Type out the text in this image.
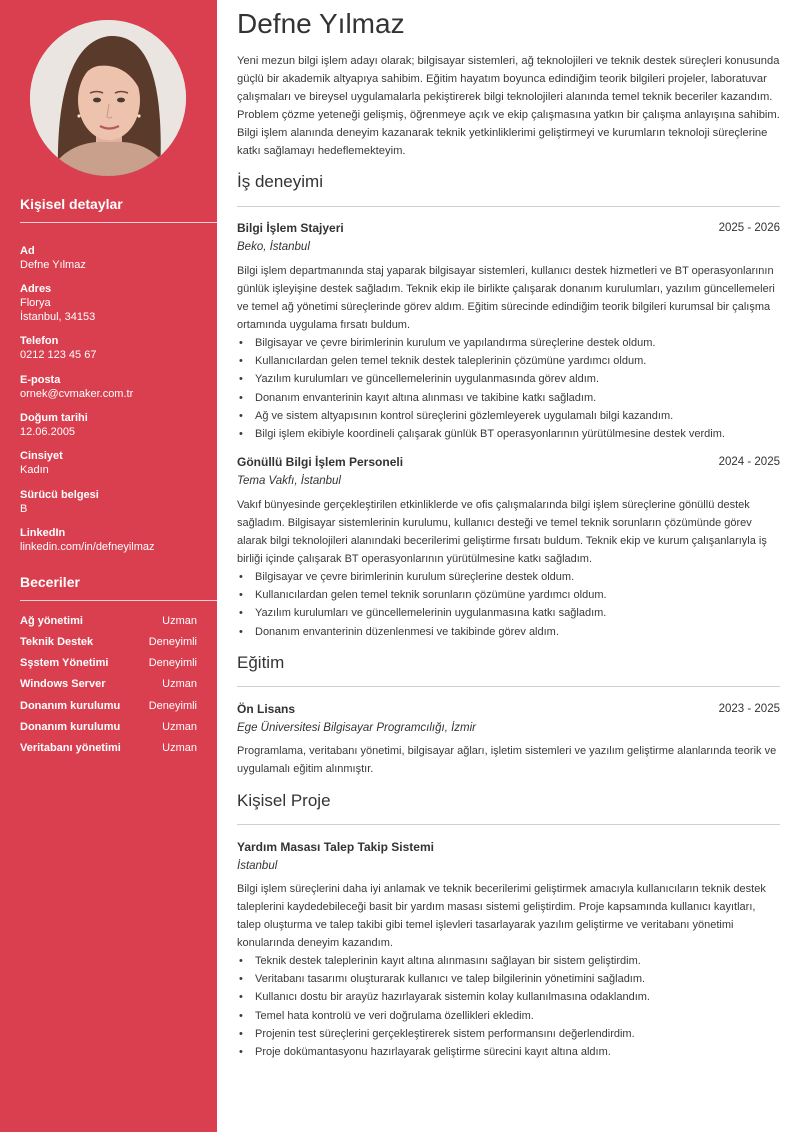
Kişisel detaylar
Ad
Defne Yılmaz
Adres
Florya
İstanbul, 34153
Telefon
0212 123 45 67
E-posta
ornek@cvmaker.com.tr
Doğum tarihi
12.06.2005
Cinsiyet
Kadın
Sürücü belgesi
B
LinkedIn
linkedin.com/in/defneyilmaz
Beceriler
Ağ yönetimi	Uzman
Teknik Destek	Deneyimli
Sşstem Yönetimi	Deneyimli
Windows Server	Uzman
Donanım kurulumu	Deneyimli
Donanım kurulumu	Uzman
Veritabanı yönetimi	Uzman
Defne Yılmaz

Yeni mezun bilgi işlem adayı olarak; bilgisayar sistemleri, ağ teknolojileri ve teknik destek süreçleri konusunda güçlü bir akademik altyapıya sahibim. Eğitim hayatım boyunca edindiğim teorik bilgileri projeler, laboratuvar çalışmaları ve bireysel uygulamalarla pekiştirerek bilgi teknolojileri alanında temel teknik beceriler kazandım. Problem çözme yeteneği gelişmiş, öğrenmeye açık ve ekip çalışmasına yatkın bir çalışma anlayışına sahibim. Bilgi işlem alanında deneyim kazanarak teknik yetkinliklerimi geliştirmeyi ve kurumların teknoloji süreçlerine katkı sağlamayı hedeflemekteyim.

İş deneyimi
Bilgi İşlem Stajyeri	2025 - 2026
Beko, İstanbul

Bilgi işlem departmanında staj yaparak bilgisayar sistemleri, kullanıcı destek hizmetleri ve BT operasyonlarının günlük işleyişine destek sağladım. Teknik ekip ile birlikte çalışarak donanım kurulumları, yazılım güncellemeleri ve temel ağ yönetimi süreçlerinde görev aldım. Eğitim sürecinde edindiğim teorik bilgileri kurumsal bir çalışma ortamında uygulama fırsatı buldum.

• Bilgisayar ve çevre birimlerinin kurulum ve yapılandırma süreçlerine destek oldum.
• Kullanıcılardan gelen temel teknik destek taleplerinin çözümüne yardımcı oldum.
• Yazılım kurulumları ve güncellemelerinin uygulanmasında görev aldım.
• Donanım envanterinin kayıt altına alınması ve takibine katkı sağladım.
• Ağ ve sistem altyapısının kontrol süreçlerini gözlemleyerek uygulamalı bilgi kazandım.
• Bilgi işlem ekibiyle koordineli çalışarak günlük BT operasyonlarının yürütülmesine destek verdim.
Gönüllü Bilgi İşlem Personeli	2024 - 2025
Tema Vakfı, İstanbul

Vakıf bünyesinde gerçekleştirilen etkinliklerde ve ofis çalışmalarında bilgi işlem süreçlerine gönüllü destek sağladım. Bilgisayar sistemlerinin kurulumu, kullanıcı desteği ve temel teknik sorunların çözümünde görev alarak bilgi teknolojileri alanındaki becerilerimi geliştirme fırsatı buldum. Teknik ekip ve kurum çalışanlarıyla iş birliği içinde çalışarak BT operasyonlarının yürütülmesine katkı sağladım.

• Bilgisayar ve çevre birimlerinin kurulum süreçlerine destek oldum.
• Kullanıcılardan gelen temel teknik sorunların çözümüne yardımcı oldum.
• Yazılım kurulumları ve güncellemelerinin uygulanmasına katkı sağladım.
• Donanım envanterinin düzenlenmesi ve takibinde görev aldım.
Eğitim
Ön Lisans	2023 - 2025
Ege Üniversitesi Bilgisayar Programcılığı, İzmir

Programlama, veritabanı yönetimi, bilgisayar ağları, işletim sistemleri ve yazılım geliştirme alanlarında teorik ve uygulamalı eğitim alınmıştır.

Kişisel Proje
Yardım Masası Talep Takip Sistemi
İstanbul

Bilgi işlem süreçlerini daha iyi anlamak ve teknik becerilerimi geliştirmek amacıyla kullanıcıların teknik destek taleplerini kaydedebileceği basit bir yardım masası sistemi geliştirdim. Proje kapsamında kullanıcı kayıtları, talep oluşturma ve talep takibi gibi temel işlevleri tasarlayarak yazılım geliştirme ve veritabanı yönetimi konularında deneyim kazandım.

• Teknik destek taleplerinin kayıt altına alınmasını sağlayan bir sistem geliştirdim.
• Veritabanı tasarımı oluşturarak kullanıcı ve talep bilgilerinin yönetimini sağladım.
• Kullanıcı dostu bir arayüz hazırlayarak sistemin kolay kullanılmasına odaklandım.
• Temel hata kontrolü ve veri doğrulama özellikleri ekledim.
• Projenin test süreçlerini gerçekleştirerek sistem performansını değerlendirdim.
• Proje dokümantasyonu hazırlayarak geliştirme sürecini kayıt altına aldım.
